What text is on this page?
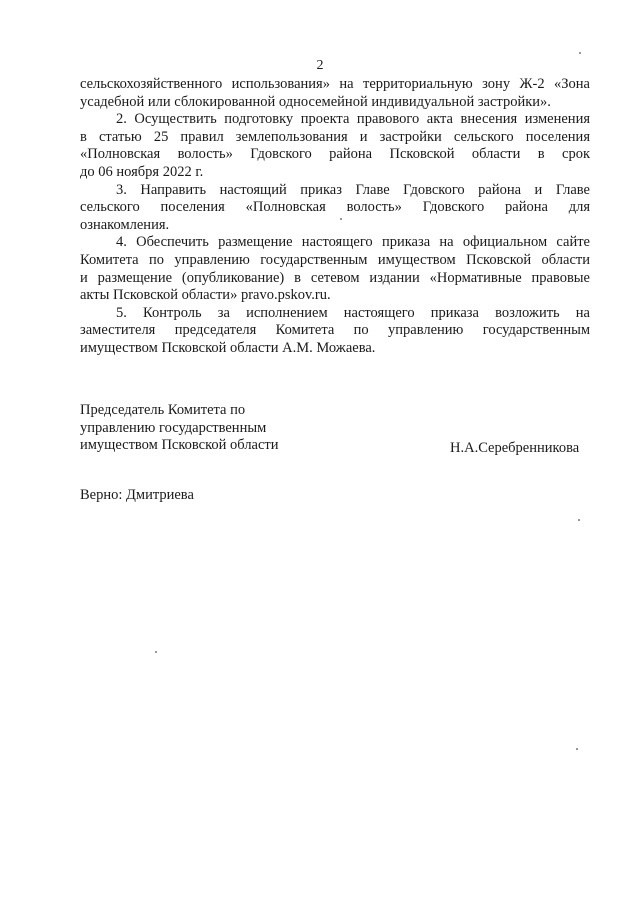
2
сельскохозяйственного использования» на территориальную зону Ж-2 «Зона
усадебной или сблокированной односемейной индивидуальной застройки».
2. Осуществить подготовку проекта правового акта внесения изменения
в статью 25 правил землепользования и застройки сельского поселения
«Полновская волость» Гдовского района Псковской области в срок
до 06 ноября 2022 г.
3. Направить настоящий приказ Главе Гдовского района и Главе
сельского поселения «Полновская волость» Гдовского района для
ознакомления.
4. Обеспечить размещение настоящего приказа на официальном сайте
Комитета по управлению государственным имуществом Псковской области
и размещение (опубликование) в сетевом издании «Нормативные правовые
акты Псковской области» pravo.pskov.ru.
5. Контроль за исполнением настоящего приказа возложить на
заместителя председателя Комитета по управлению государственным
имуществом Псковской области А.М. Можаева.
Председатель Комитета по
управлению государственным
имуществом Псковской области	Н.А.Серебренникова
Верно: Дмитриева
